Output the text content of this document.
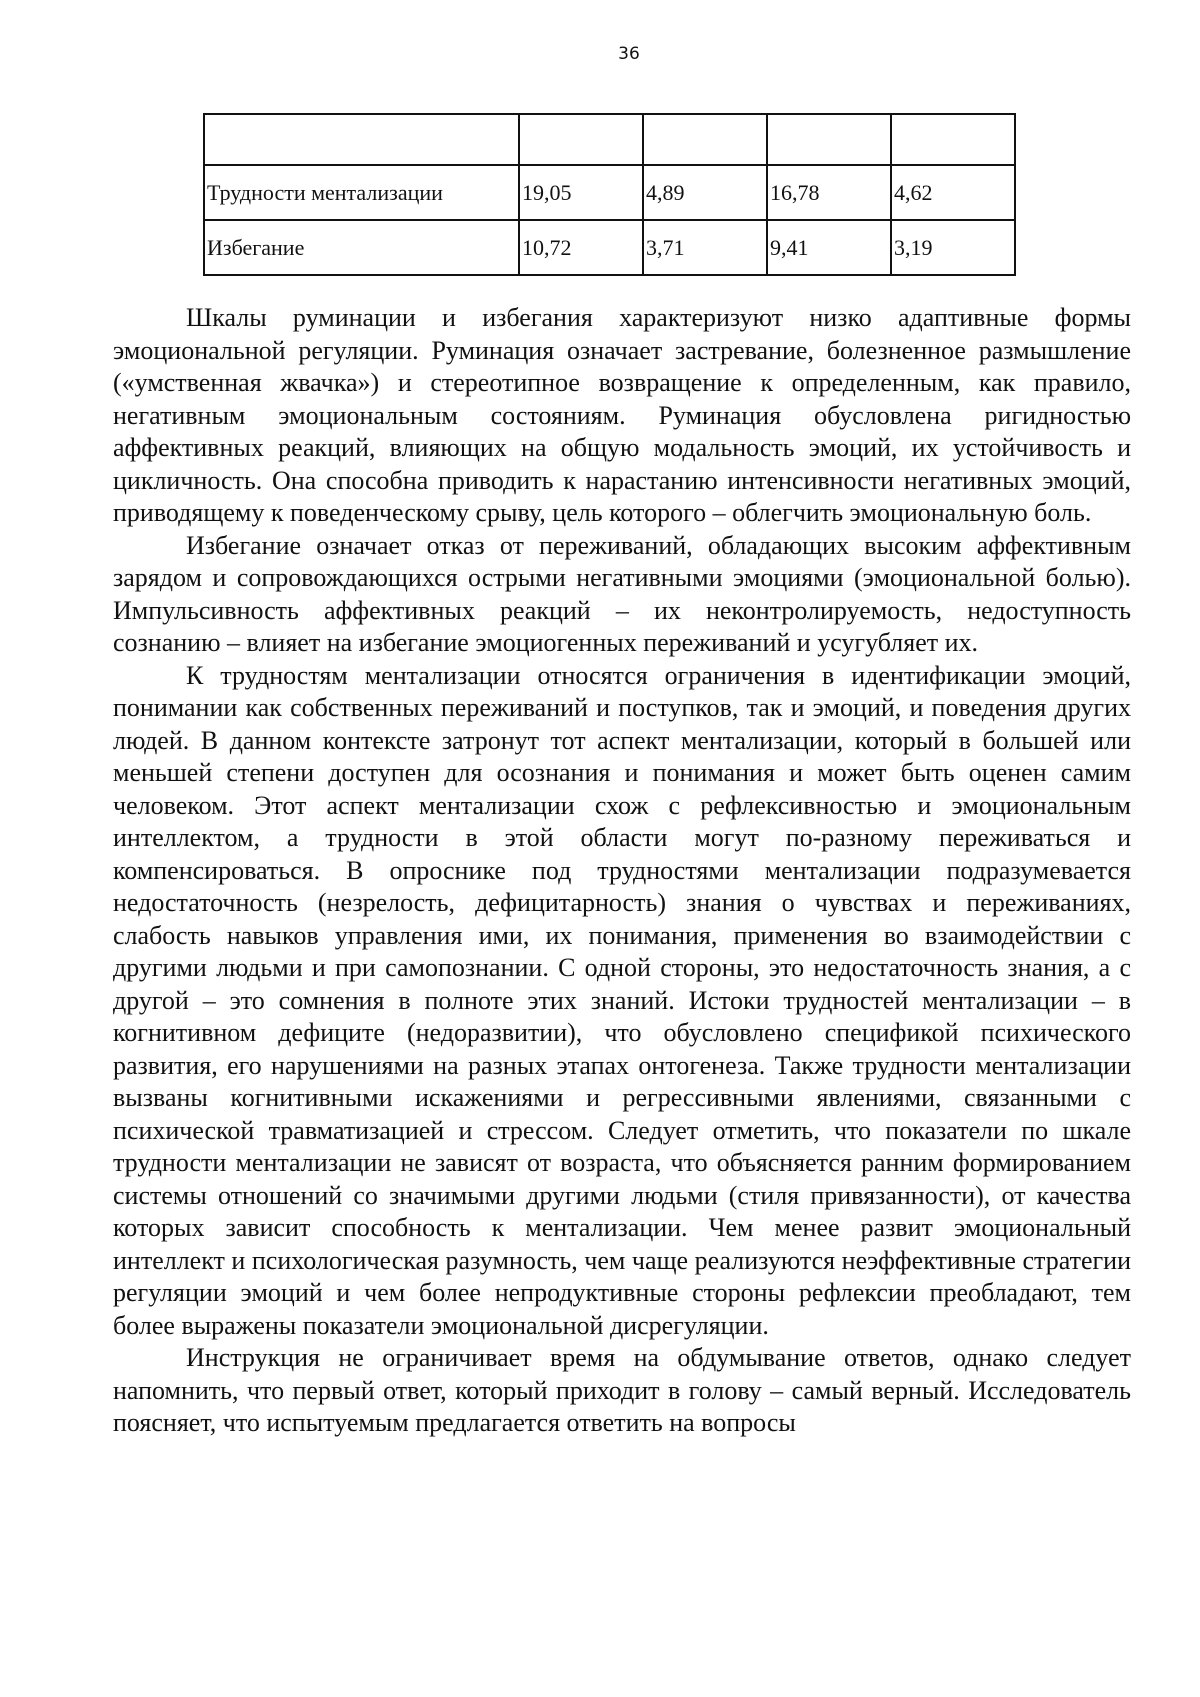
36

Трудности ментализации	19,05	4,89	16,78	4,62
Избегание	10,72	3,71	9,41	3,19

Шкалы руминации и избегания характеризуют низко адаптивные формы эмоциональной регуляции. Руминация означает застревание, болезненное размышление («умственная жвачка») и стереотипное возвращение к определенным, как правило, негативным эмоциональным состояниям. Руминация обусловлена ригидностью аффективных реакций, влияющих на общую модальность эмоций, их устойчивость и цикличность. Она способна приводить к нарастанию интенсивности негативных эмоций, приводящему к поведенческому срыву, цель которого – облегчить эмоциональную боль.

Избегание означает отказ от переживаний, обладающих высоким аффективным зарядом и сопровождающихся острыми негативными эмоциями (эмоциональной болью). Импульсивность аффективных реакций – их неконтролируемость, недоступность сознанию – влияет на избегание эмоциогенных переживаний и усугубляет их.

К трудностям ментализации относятся ограничения в идентификации эмоций, понимании как собственных переживаний и поступков, так и эмоций, и поведения других людей. В данном контексте затронут тот аспект ментализации, который в большей или меньшей степени доступен для осознания и понимания и может быть оценен самим человеком. Этот аспект ментализации схож с рефлексивностью и эмоциональным интеллектом, а трудности в этой области могут по-разному переживаться и компенсироваться. В опроснике под трудностями ментализации подразумевается недостаточность (незрелость, дефицитарность) знания о чувствах и переживаниях, слабость навыков управления ими, их понимания, применения во взаимодействии с другими людьми и при самопознании. С одной стороны, это недостаточность знания, а с другой – это сомнения в полноте этих знаний. Истоки трудностей ментализации – в когнитивном дефиците (недоразвитии), что обусловлено спецификой психического развития, его нарушениями на разных этапах онтогенеза. Также трудности ментализации вызваны когнитивными искажениями и регрессивными явлениями, связанными с психической травматизацией и стрессом. Следует отметить, что показатели по шкале трудности ментализации не зависят от возраста, что объясняется ранним формированием системы отношений со значимыми другими людьми (стиля привязанности), от качества которых зависит способность к ментализации. Чем менее развит эмоциональный интеллект и психологическая разумность, чем чаще реализуются неэффективные стратегии регуляции эмоций и чем более непродуктивные стороны рефлексии преобладают, тем более выражены показатели эмоциональной дисрегуляции.

Инструкция не ограничивает время на обдумывание ответов, однако следует напомнить, что первый ответ, который приходит в голову – самый верный. Исследователь поясняет, что испытуемым предлагается ответить на вопросы
